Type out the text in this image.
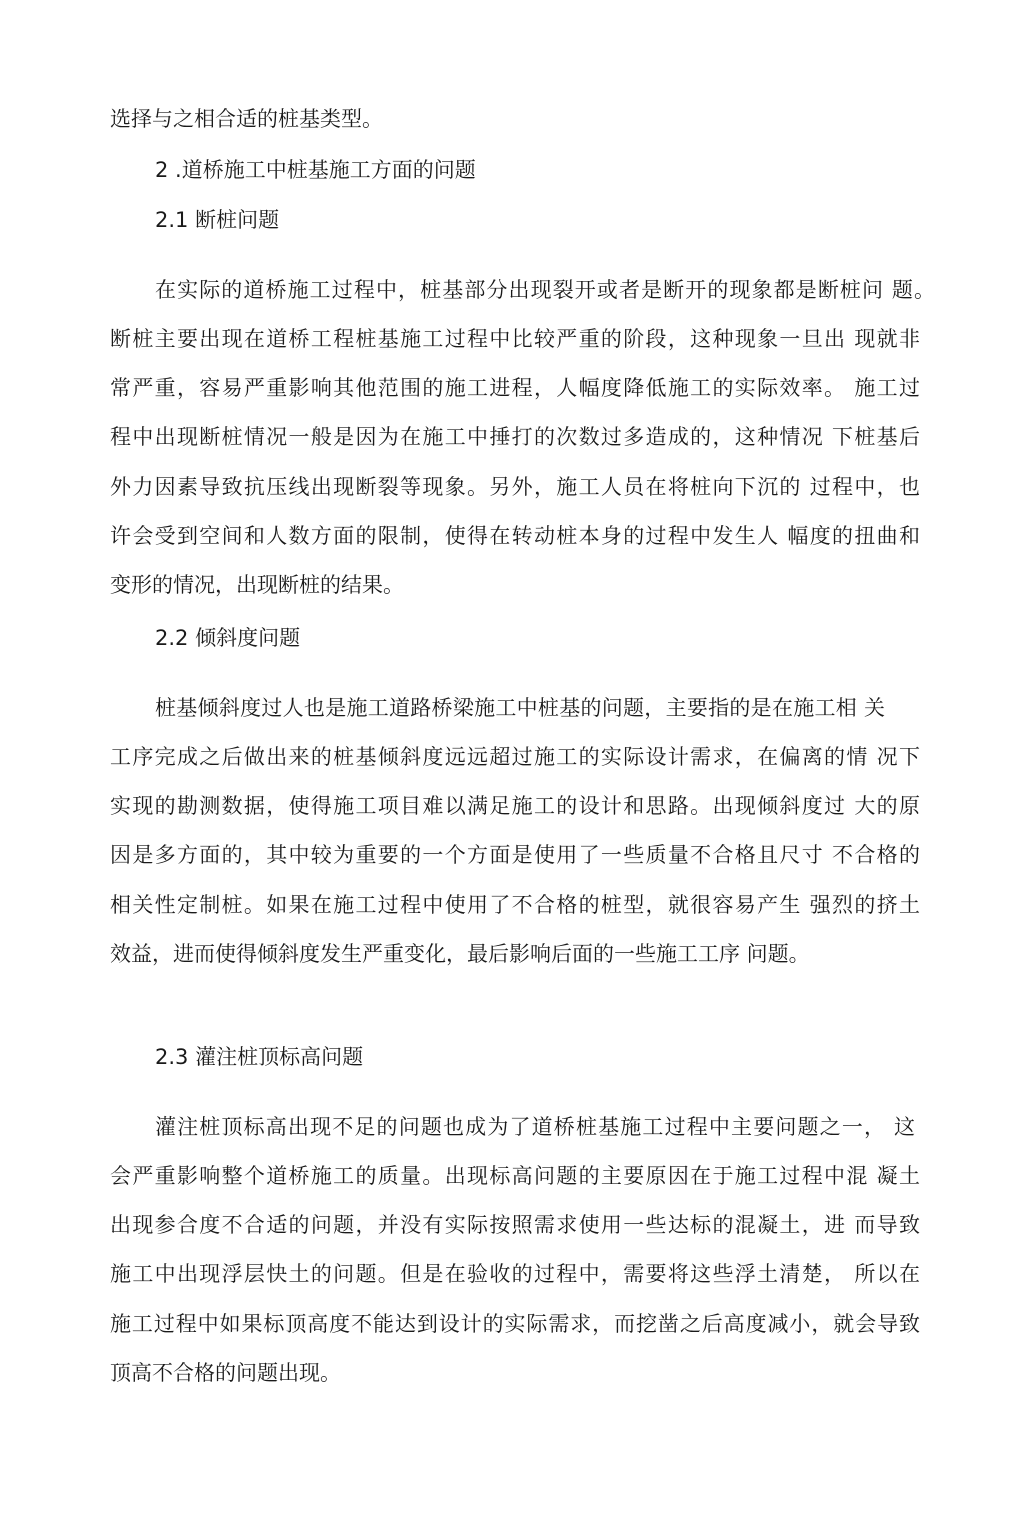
选择与之相合适的桩基类型。
2 .道桥施工中桩基施工方面的问题
2.1 断桩问题
在实际的道桥施工过程中，桩基部分出现裂开或者是断开的现象都是断桩问 题。
断桩主要出现在道桥工程桩基施工过程中比较严重的阶段，这种现象一旦出 现就非
常严重，容易严重影响其他范围的施工进程，人幅度降低施工的实际效率。 施工过
程中出现断桩情况一般是因为在施工中捶打的次数过多造成的，这种情况 下桩基后
外力因素导致抗压线出现断裂等现象。另外，施工人员在将桩向下沉的 过程中，也
许会受到空间和人数方面的限制，使得在转动桩本身的过程中发生人 幅度的扭曲和
变形的情况，出现断桩的结果。
2.2 倾斜度问题
桩基倾斜度过人也是施工道路桥梁施工中桩基的问题，主要指的是在施工相 关
工序完成之后做出来的桩基倾斜度远远超过施工的实际设计需求，在偏离的情 况下
实现的勘测数据，使得施工项目难以满足施工的设计和思路。出现倾斜度过 大的原
因是多方面的，其中较为重要的一个方面是使用了一些质量不合格且尺寸 不合格的
相关性定制桩。如果在施工过程中使用了不合格的桩型，就很容易产生 强烈的挤土
效益，进而使得倾斜度发生严重变化，最后影响后面的一些施工工序 问题。
2.3 灌注桩顶标高问题
灌注桩顶标高出现不足的问题也成为了道桥桩基施工过程中主要问题之一， 这
会严重影响整个道桥施工的质量。出现标高问题的主要原因在于施工过程中混 凝土
出现参合度不合适的问题，并没有实际按照需求使用一些达标的混凝土，进 而导致
施工中出现浮层快土的问题。但是在验收的过程中，需要将这些浮土清楚， 所以在
施工过程中如果标顶高度不能达到设计的实际需求，而挖凿之后高度减小，就会导致
顶高不合格的问题出现。
